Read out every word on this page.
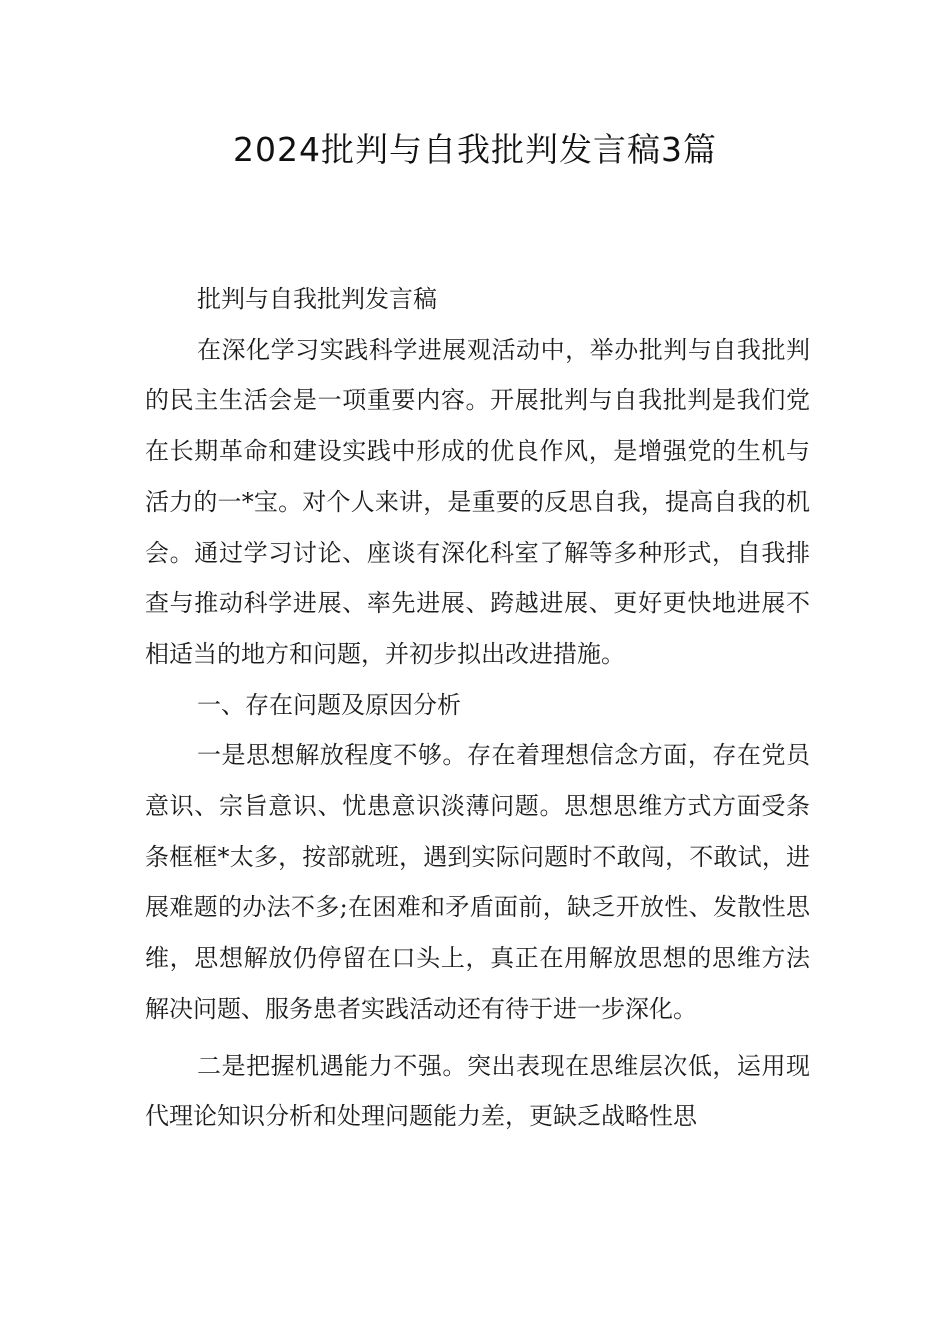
2024批判与自我批判发言稿3篇

批判与自我批判发言稿

在深化学习实践科学进展观活动中，举办批判与自我批判的民主生活会是一项重要内容。开展批判与自我批判是我们党在长期革命和建设实践中形成的优良作风，是增强党的生机与活力的一*宝。对个人来讲，是重要的反思自我，提高自我的机会。通过学习讨论、座谈有深化科室了解等多种形式，自我排查与推动科学进展、率先进展、跨越进展、更好更快地进展不相适当的地方和问题，并初步拟出改进措施。

一、存在问题及原因分析

一是思想解放程度不够。存在着理想信念方面，存在党员意识、宗旨意识、忧患意识淡薄问题。思想思维方式方面受条条框框*太多，按部就班，遇到实际问题时不敢闯，不敢试，进展难题的办法不多;在困难和矛盾面前，缺乏开放性、发散性思维，思想解放仍停留在口头上，真正在用解放思想的思维方法解决问题、服务患者实践活动还有待于进一步深化。

二是把握机遇能力不强。突出表现在思维层次低，运用现代理论知识分析和处理问题能力差，更缺乏战略性思
